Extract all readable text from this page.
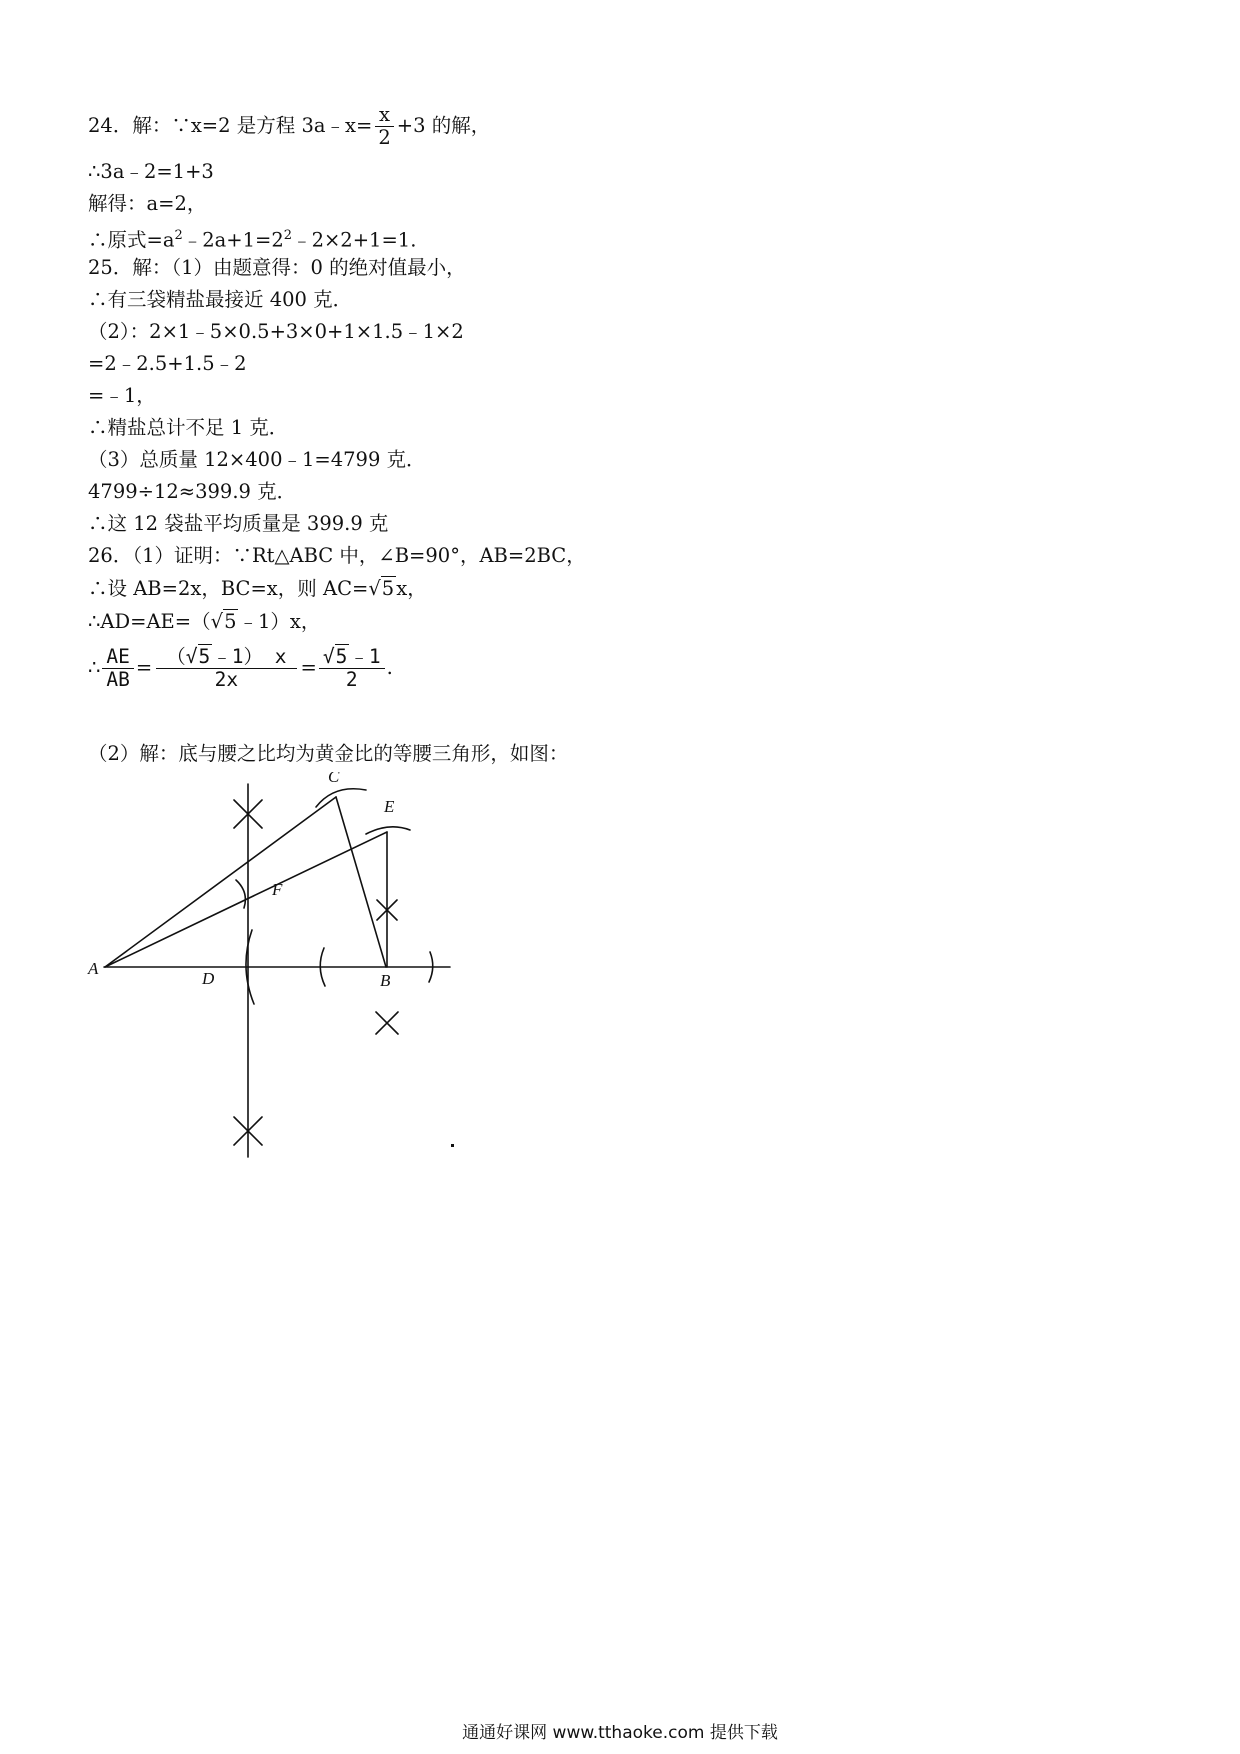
24．解：∵x=2 是方程 3a﹣x= $\frac{x}{2} +3$ 的解，
∴3a﹣2=1+3
解得：a=2，
∴原式$=a^2﹣2a+1=2^2﹣2\times 2+1=1$.
25．解：（1）由题意得：0 的绝对值最小，
∴有三袋精盐最接近 400 克．
（2）：2×1﹣5×0.5+3×0+1×1.5﹣1×2
=2﹣2.5+1.5﹣2
=﹣1，
∴精盐总计不足 1 克．
（3）总质量 12×400﹣1=4799 克．
4799÷12≈399.9 克．
∴这 12 袋盐平均质量是 399.9 克
26．（1）证明：∵Rt△ABC 中，∠B=90°，AB=2BC，
∴设 AB=2x，BC=x，则 AC=√5 x，
∴AD=AE=（√5 ﹣1）x，
∴ $\frac{AE}{AB} = \frac{(√5 ﹣1) x}{2x} = \frac{√5 ﹣1}{2}$ .
（2）解：底与腰之比均为黄金比的等腰三角形，如图：
A
D	B
C
E
F
通通好课网 www.tthaoke.com 提供下载
